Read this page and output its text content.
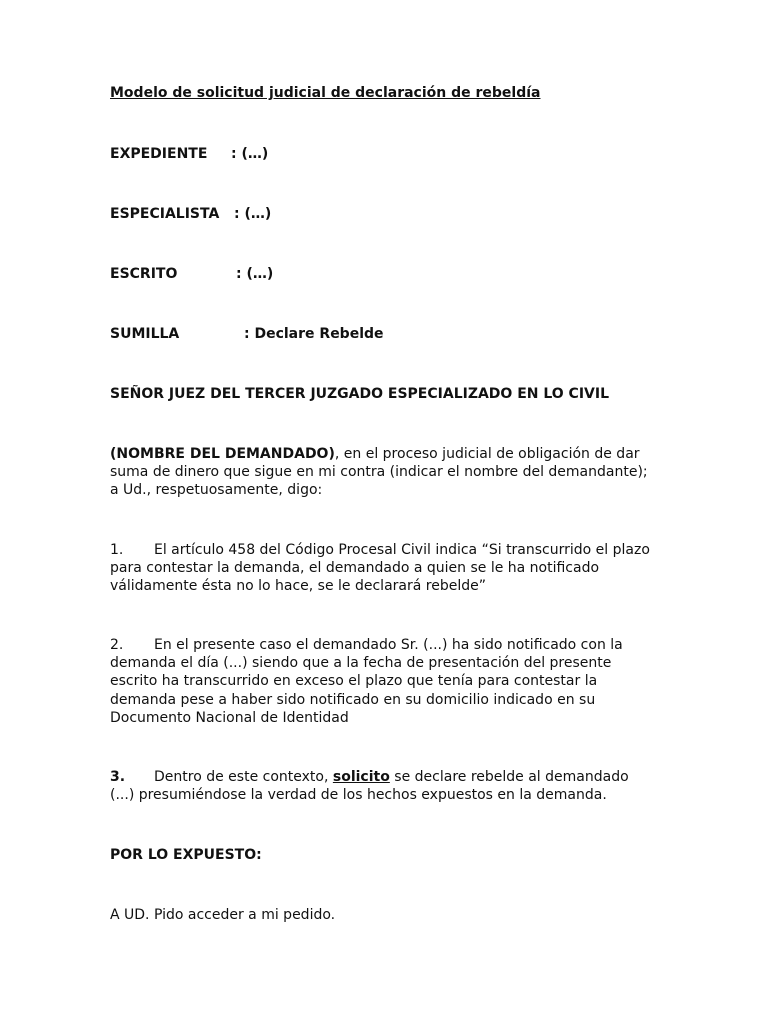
Modelo de solicitud judicial de declaración de rebeldía
EXPEDIENTE : (…)
ESPECIALISTA : (…)
ESCRITO	: (…)
SUMILLA	: Declare Rebelde
SEÑOR JUEZ DEL TERCER JUZGADO ESPECIALIZADO EN LO CIVIL
(NOMBRE DEL DEMANDADO), en el proceso judicial de obligación de dar
suma de dinero que sigue en mi contra (indicar el nombre del demandante);
a Ud., respetuosamente, digo:
1. El artículo 458 del Código Procesal Civil indica “Si transcurrido el plazo
para contestar la demanda, el demandado a quien se le ha notificado
válidamente ésta no lo hace, se le declarará rebelde”
2. En el presente caso el demandado Sr. (...) ha sido notificado con la
demanda el día (...) siendo que a la fecha de presentación del presente
escrito ha transcurrido en exceso el plazo que tenía para contestar la
demanda pese a haber sido notificado en su domicilio indicado en su
Documento Nacional de Identidad
3. Dentro de este contexto, solicito se declare rebelde al demandado
(...) presumiéndose la verdad de los hechos expuestos en la demanda.
POR LO EXPUESTO:
A UD. Pido acceder a mi pedido.
